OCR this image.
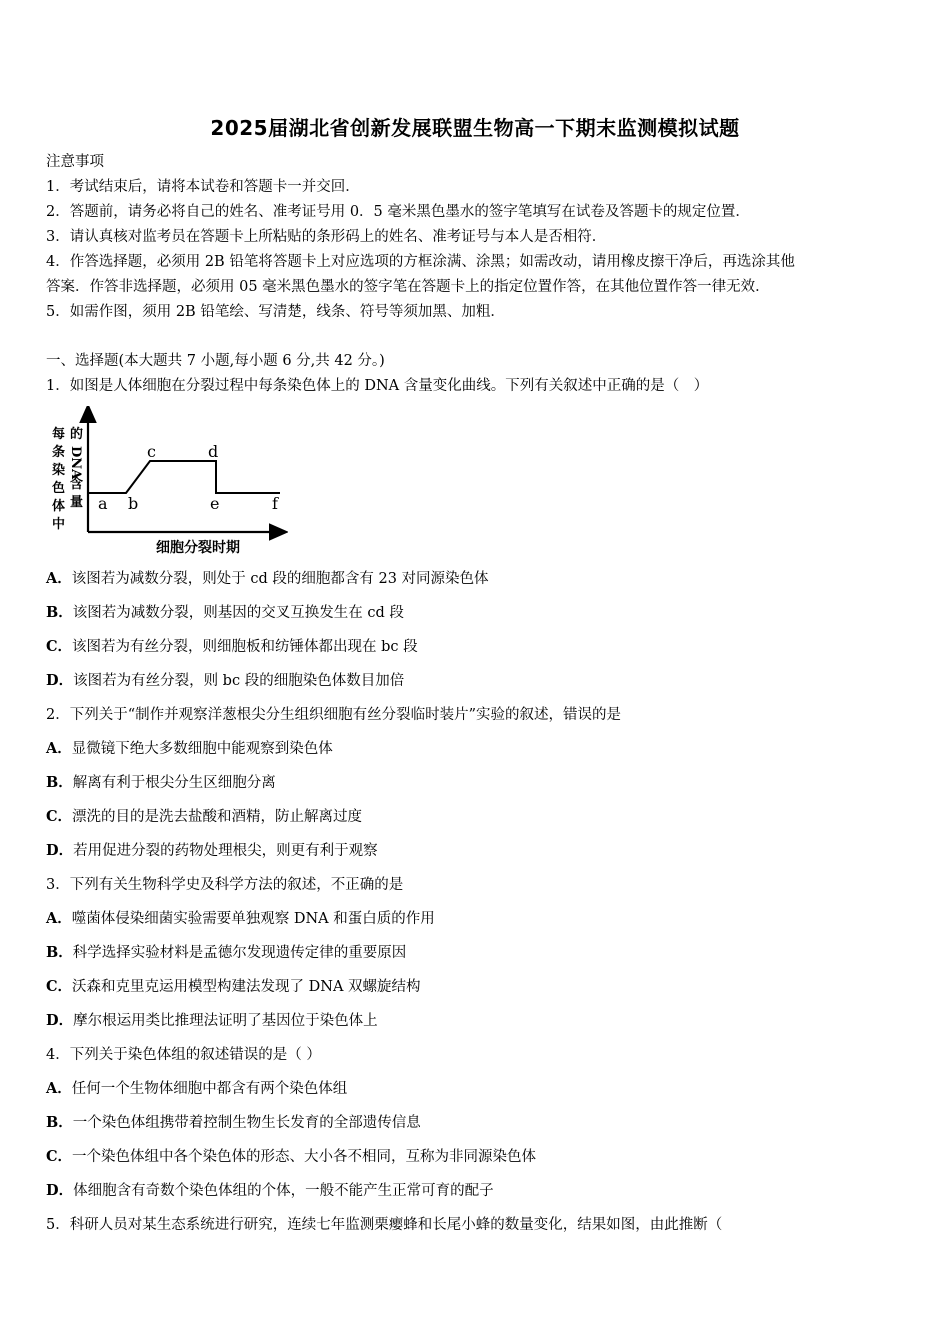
2025届湖北省创新发展联盟生物高一下期末监测模拟试题
注意事项
1．考试结束后，请将本试卷和答题卡一并交回．
2．答题前，请务必将自己的姓名、准考证号用 0．5 毫米黑色墨水的签字笔填写在试卷及答题卡的规定位置．
3．请认真核对监考员在答题卡上所粘贴的条形码上的姓名、准考证号与本人是否相符．
4．作答选择题，必须用 2B 铅笔将答题卡上对应选项的方框涂满、涂黑；如需改动，请用橡皮擦干净后，再选涂其他
答案．作答非选择题，必须用 05 毫米黑色墨水的签字笔在答题卡上的指定位置作答，在其他位置作答一律无效．
5．如需作图，须用 2B 铅笔绘、写清楚，线条、符号等须加黑、加粗．
一、选择题(本大题共 7 小题,每小题 6 分,共 42 分。)
1．如图是人体细胞在分裂过程中每条染色体上的 DNA 含量变化曲线。下列有关叙述中正确的是（　）
每
条
染
色
体
中
的
DNA
含
量 a b
c	d
e	f
细胞分裂时期
A．该图若为减数分裂，则处于 cd 段的细胞都含有 23 对同源染色体
B．该图若为减数分裂，则基因的交叉互换发生在 cd 段
C．该图若为有丝分裂，则细胞板和纺锤体都出现在 bc 段
D．该图若为有丝分裂，则 bc 段的细胞染色体数目加倍
2．下列关于“制作并观察洋葱根尖分生组织细胞有丝分裂临时装片”实验的叙述，错误的是
A．显微镜下绝大多数细胞中能观察到染色体
B．解离有利于根尖分生区细胞分离
C．漂洗的目的是洗去盐酸和酒精，防止解离过度
D．若用促进分裂的药物处理根尖，则更有利于观察
3．下列有关生物科学史及科学方法的叙述，不正确的是
A．噬菌体侵染细菌实验需要单独观察 DNA 和蛋白质的作用
B．科学选择实验材料是孟德尔发现遗传定律的重要原因
C．沃森和克里克运用模型构建法发现了 DNA 双螺旋结构
D．摩尔根运用类比推理法证明了基因位于染色体上
4．下列关于染色体组的叙述错误的是（ ）
A．任何一个生物体细胞中都含有两个染色体组
B．一个染色体组携带着控制生物生长发育的全部遗传信息
C．一个染色体组中各个染色体的形态、大小各不相同，互称为非同源染色体
D．体细胞含有奇数个染色体组的个体，一般不能产生正常可育的配子
5．科研人员对某生态系统进行研究，连续七年监测栗瘿蜂和长尾小蜂的数量变化，结果如图，由此推断（
